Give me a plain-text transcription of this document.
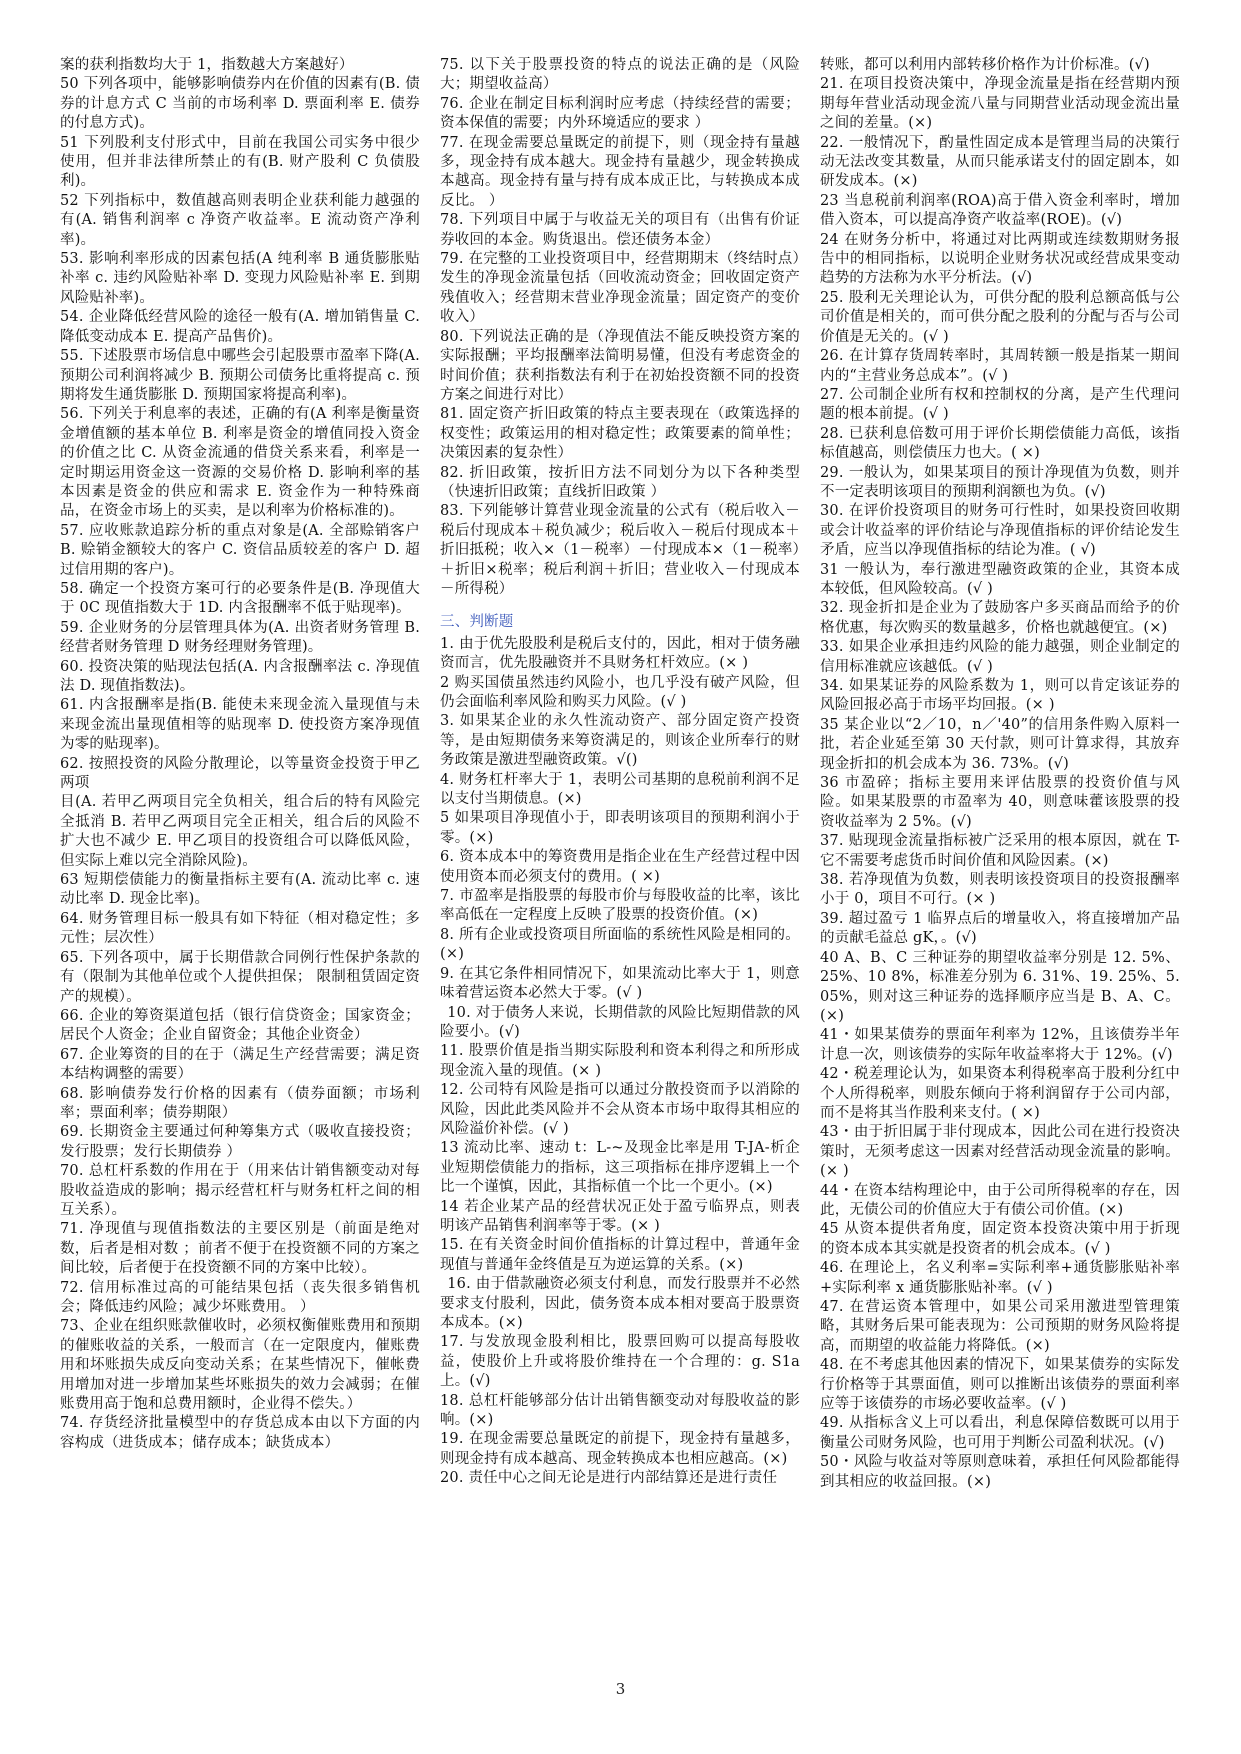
案的获利指数均大于 1，指数越大方案越好）

50 下列各项中，能够影响债券内在价值的因素有(B. 债券的计息方式 C 当前的市场利率 D. 票面利率 E. 债券的付息方式)。

51 下列股利支付形式中，目前在我国公司实务中很少使用，但并非法律所禁止的有(B. 财产股利 C 负债股利)。

52 下列指标中，数值越高则表明企业获利能力越强的有(A. 销售利润率 c 净资产收益率。E 流动资产净利率)。

53. 影响利率形成的因素包括(A 纯利率 B 通货膨胀贴补率 c. 违约风险贴补率 D. 变现力风险贴补率 E. 到期风险贴补率)。

54. 企业降低经营风险的途径一般有(A. 增加销售量 C. 降低变动成本 E. 提高产品售价)。

55. 下述股票市场信息中哪些会引起股票市盈率下降(A. 预期公司利润将减少 B. 预期公司债务比重将提高 c. 预期将发生通货膨胀 D. 预期国家将提高利率)。

56. 下列关于利息率的表述，正确的有(A 利率是衡量资金增值额的基本单位 B. 利率是资金的增值同投入资金的价值之比 C. 从资金流通的借贷关系来看，利率是一定时期运用资金这一资源的交易价格 D. 影响利率的基本因素是资金的供应和需求 E. 资金作为一种特殊商品，在资金市场上的买卖，是以利率为价格标准的)。

57. 应收账款追踪分析的重点对象是(A. 全部赊销客户 B. 赊销金额较大的客户 C. 资信品质较差的客户 D. 超过信用期的客户)。

58. 确定一个投资方案可行的必要条件是(B. 净现值大于 0C 现值指数大于 1D. 内含报酬率不低于贴现率)。

59. 企业财务的分层管理具体为(A. 出资者财务管理 B. 经营者财务管理 D 财务经理财务管理)。

60. 投资决策的贴现法包括(A. 内含报酬率法 c. 净现值法 D. 现值指数法)。

61. 内含报酬率是指(B. 能使未来现金流入量现值与未来现金流出量现值相等的贴现率 D. 使投资方案净现值为零的贴现率)。

62. 按照投资的风险分散理论，以等量资金投资于甲乙两项

目(A. 若甲乙两项目完全负相关，组合后的特有风险完全抵消 B. 若甲乙两项目完全正相关，组合后的风险不扩大也不减少 E. 甲乙项目的投资组合可以降低风险，但实际上难以完全消除风险)。

63 短期偿债能力的衡量指标主要有(A. 流动比率 c. 速动比率 D. 现金比率)。

64. 财务管理目标一般具有如下特征（相对稳定性；多元性；层次性）

65. 下列各项中，属于长期借款合同例行性保护条款的有（限制为其他单位或个人提供担保； 限制租赁固定资产的规模）。

66. 企业的筹资渠道包括（银行信贷资金；国家资金；居民个人资金；企业自留资金；其他企业资金）

67. 企业筹资的目的在于（满足生产经营需要；满足资本结构调整的需要）

68. 影响债券发行价格的因素有（债券面额；市场利率；票面利率；债券期限）

69. 长期资金主要通过何种筹集方式（吸收直接投资；发行股票；发行长期债券 ）

70. 总杠杆系数的作用在于（用来估计销售额变动对每股收益造成的影响；揭示经营杠杆与财务杠杆之间的相互关系）。

71. 净现值与现值指数法的主要区别是（前面是绝对数，后者是相对数 ；前者不便于在投资额不同的方案之间比较，后者便于在投资额不同的方案中比较）。

72. 信用标准过高的可能结果包括（丧失很多销售机会；降低违约风险；减少坏账费用。 ）

73、企业在组织账款催收时，必须权衡催账费用和预期的催账收益的关系，一般而言（在一定限度内，催账费用和坏账损失成反向变动关系；在某些情况下，催帐费用增加对进一步增加某些坏账损失的效力会减弱；在催账费用高于饱和总费用额时，企业得不偿失。）

74. 存货经济批量模型中的存货总成本由以下方面的内容构成（进货成本；储存成本；缺货成本）

75. 以下关于股票投资的特点的说法正确的是（风险大；期望收益高）

76. 企业在制定目标利润时应考虑（持续经营的需要；资本保值的需要；内外环境适应的要求 ）

77. 在现金需要总量既定的前提下，则（现金持有量越多，现金持有成本越大。现金持有量越少，现金转换成本越高。现金持有量与持有成本成正比，与转换成本成反比。 ）

78. 下列项目中属于与收益无关的项目有（出售有价证券收回的本金。购货退出。偿还债务本金）

79. 在完整的工业投资项目中，经营期期末（终结时点）发生的净现金流量包括（回收流动资金；回收固定资产残值收入；经营期末营业净现金流量；固定资产的变价收入）

80. 下列说法正确的是（净现值法不能反映投资方案的实际报酬；平均报酬率法简明易懂，但没有考虑资金的时间价值；获利指数法有利于在初始投资额不同的投资方案之间进行对比）

81. 固定资产折旧政策的特点主要表现在（政策选择的权变性；政策运用的相对稳定性；政策要素的简单性；决策因素的复杂性）

82. 折旧政策，按折旧方法不同划分为以下各种类型（快速折旧政策；直线折旧政策 ）

83. 下列能够计算营业现金流量的公式有（税后收入－税后付现成本＋税负减少；税后收入－税后付现成本＋折旧抵税；收入×（1－税率）－付现成本×（1－税率）＋折旧×税率；税后利润＋折旧；营业收入－付现成本－所得税）

三、判断题

1. 由于优先股股利是税后支付的，因此，相对于债务融资而言，优先股融资并不具财务杠杆效应。(× )

2 购买国债虽然违约风险小，也几乎没有破产风险，但仍会面临利率风险和购买力风险。(√ )

3. 如果某企业的永久性流动资产、部分固定资产投资等，是由短期债务来筹资满足的，则该企业所奉行的财务政策是激进型融资政策。√()

4. 财务杠杆率大于 1，表明公司基期的息税前利润不足以支付当期债息。(×)

5 如果项目净现值小于，即表明该项目的预期利润小于零。(×)

6. 资本成本中的筹资费用是指企业在生产经营过程中因使用资本而必须支付的费用。( ×)

7. 市盈率是指股票的每股市价与每股收益的比率，该比率高低在一定程度上反映了股票的投资价值。(×)

8. 所有企业或投资项目所面临的系统性风险是相同的。(×)

9. 在其它条件相同情况下，如果流动比率大于 1，则意味着营运资本必然大于零。(√ )

10. 对于债务人来说，长期借款的风险比短期借款的风险要小。(√)

11. 股票价值是指当期实际股利和资本利得之和所形成现金流入量的现值。(× )

12. 公司特有风险是指可以通过分散投资而予以消除的风险，因此此类风险并不会从资本市场中取得其相应的风险溢价补偿。(√ )

13 流动比率、速动 t：L-~及现金比率是用 T-JA-析企业短期偿债能力的指标，这三项指标在排序逻辑上一个比一个谨慎，因此，其指标值一个比一个更小。(×)

14 若企业某产品的经营状况正处于盈亏临界点，则表明该产品销售利润率等于零。(× )

15. 在有关资金时间价值指标的计算过程中，普通年金现值与普通年金终值是互为逆运算的关系。(×)

16. 由于借款融资必须支付利息，而发行股票并不必然要求支付股利，因此，债务资本成本相对要高于股票资本成本。(×)

17. 与发放现金股利相比，股票回购可以提高每股收益，使股价上升或将股价维持在一个合理的：g. S1a上。(√)

18. 总杠杆能够部分估计出销售额变动对每股收益的影响。(×)

19. 在现金需要总量既定的前提下，现金持有量越多，则现金持有成本越高、现金转换成本也相应越高。(×)

20. 责任中心之间无论是进行内部结算还是进行责任

转账，都可以利用内部转移价格作为计价标准。(√)

21. 在项目投资决策中，净现金流量是指在经营期内预期每年营业活动现金流八量与同期营业活动现金流出量之间的差量。(×)

22. 一般情况下，酌量性固定成本是管理当局的决策行动无法改变其数量，从而只能承诺支付的固定剧本，如研发成本。(×)

23 当息税前利润率(ROA)高于借入资金利率时，增加借入资本，可以提高净资产收益率(ROE)。(√)

24 在财务分析中，将通过对比两期或连续数期财务报告中的相同指标，以说明企业财务状况或经营成果变动趋势的方法称为水平分析法。(√)

25. 股利无关理论认为，可供分配的股利总额高低与公司价值是相关的，而可供分配之股利的分配与否与公司价值是无关的。(√ )

26. 在计算存货周转率时，其周转额一般是指某一期间内的“主营业务总成本”。(√ )

27. 公司制企业所有权和控制权的分离，是产生代理问题的根本前提。(√ )

28. 已获利息倍数可用于评价长期偿债能力高低，该指标值越高，则偿债压力也大。( ×)

29. 一般认为，如果某项目的预计净现值为负数，则并不一定表明该项目的预期利润额也为负。(√)

30. 在评价投资项目的财务可行性时，如果投资回收期或会计收益率的评价结论与净现值指标的评价结论发生矛盾，应当以净现值指标的结论为准。( √)

31 一般认为，奉行激进型融资政策的企业，其资本成本较低，但风险较高。(√ )

32. 现金折扣是企业为了鼓励客户多买商品而给予的价格优惠，每次购买的数量越多，价格也就越便宜。(×)

33. 如果企业承担违约风险的能力越强，则企业制定的信用标准就应该越低。(√ )

34. 如果某证券的风险系数为 1，则可以肯定该证券的风险回报必高于市场平均回报。(× )

35 某企业以“2／10，n／'40”的信用条件购入原料一批，若企业延至第 30 天付款，则可计算求得，其放弃现金折扣的机会成本为 36. 73%。(√)

36 市盈碎；指标主要用来评估股票的投资价值与风险。如果某股票的市盈率为 40，则意味藿该股票的投资收益率为 2 5%。(√)

37. 贴现现金流量指标被广泛采用的根本原因，就在 T-它不需要考虑货币时间价值和风险因素。(×)

38. 若净现值为负数，则表明该投资项目的投资报酬率小于 0，项目不可行。(× )

39. 超过盈亏 1 临界点后的增量收入，将直接增加产品的贡献毛益总 gK，。(√)

40 A、B、C 三种证券的期望收益率分别是 12. 5%、25%、10 8%，标准差分别为 6. 31%、19. 25%、5. 05%，则对这三种证券的选择顺序应当是 B、A、C。(×)

41・如果某债券的票面年利率为 12%，且该债券半年计息一次，则该债券的实际年收益率将大于 12%。(√)

42・税差理论认为，如果资本利得税率高于股利分红中个人所得税率，则股东倾向于将利润留存于公司内部，而不是将其当作股利来支付。( ×)

43・由于折旧属于非付现成本，因此公司在进行投资决策时，无须考虑这一因素对经营活动现金流量的影响。(× )

44・在资本结构理论中，由于公司所得税率的存在，因此，无债公司的价值应大于有债公司价值。(×)

45 从资本提供者角度，固定资本投资决策中用于折现的资本成本其实就是投资者的机会成本。(√ )

46. 在理论上，名义利率=实际利率+通货膨胀贴补率+实际利率 x 通货膨胀贴补率。(√ )

47. 在营运资本管理中，如果公司采用激进型管理策略，其财务后果可能表现为：公司预期的财务风险将提高，而期望的收益能力将降低。(×)

48. 在不考虑其他因素的情况下，如果某债券的实际发行价格等于其票面值，则可以推断出该债券的票面利率应等于该债券的市场必要收益率。(√ )

49. 从指标含义上可以看出，利息保障倍数既可以用于衡量公司财务风险，也可用于判断公司盈利状况。(√)

50・风险与收益对等原则意味着，承担任何风险都能得到其相应的收益回报。(×)

3
